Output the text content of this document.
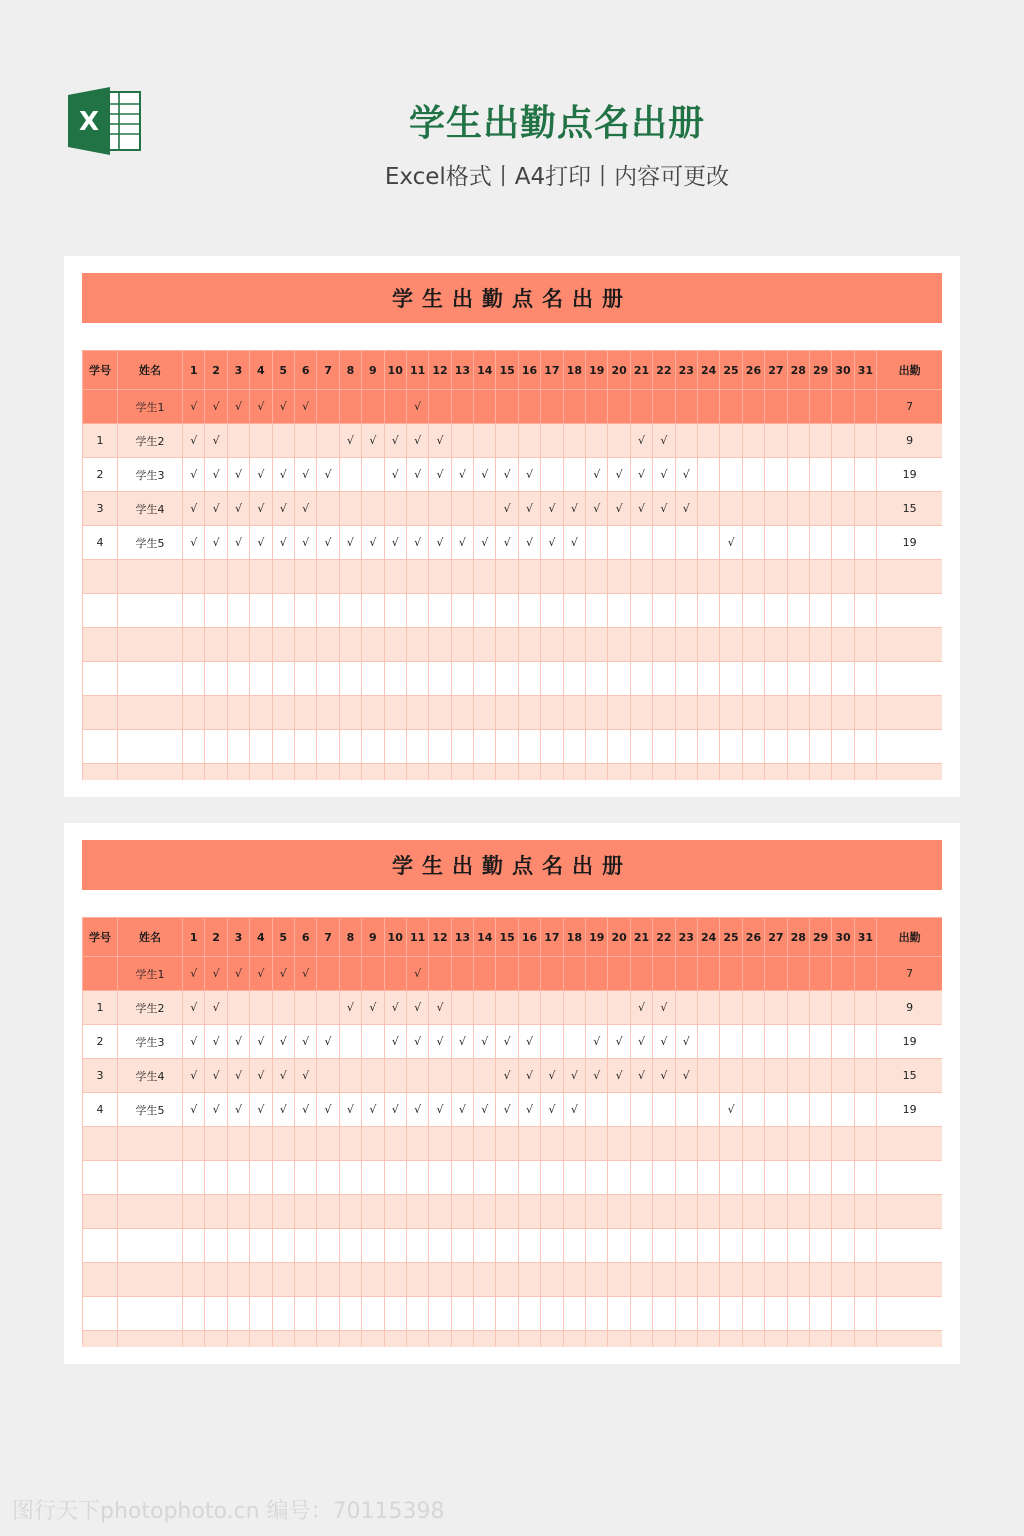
X	学生出勤点名出册
Excel格式丨A4打印丨内容可更改
学生出勤点名出册
学号	姓名	1	2	3	4	5	6	7	8	9	10	11	12	13	14	15	16	17	18	19	20	21	22	23	24	25	26	27	28	29	30	31	出勤
	学生1	√	√	√	√	√	√					√																					7
1	学生2	√	√						√	√	√	√	√									√	√										9
2	学生3	√	√	√	√	√	√	√			√	√	√	√	√	√	√			√	√	√	√	√									19
3	学生4	√	√	√	√	√	√									√	√	√	√	√	√	√	√	√									15
4	学生5	√	√	√	√	√	√	√	√	√	√	√	√	√	√	√	√	√	√							√							19

学生出勤点名出册
学号	姓名	1	2	3	4	5	6	7	8	9	10	11	12	13	14	15	16	17	18	19	20	21	22	23	24	25	26	27	28	29	30	31	出勤
	学生1	√	√	√	√	√	√					√																					7
1	学生2	√	√						√	√	√	√	√									√	√										9
2	学生3	√	√	√	√	√	√	√			√	√	√	√	√	√	√			√	√	√	√	√									19
3	学生4	√	√	√	√	√	√									√	√	√	√	√	√	√	√	√									15
4	学生5	√	√	√	√	√	√	√	√	√	√	√	√	√	√	√	√	√	√							√							19

图行天下photophoto.cn 编号：70115398
